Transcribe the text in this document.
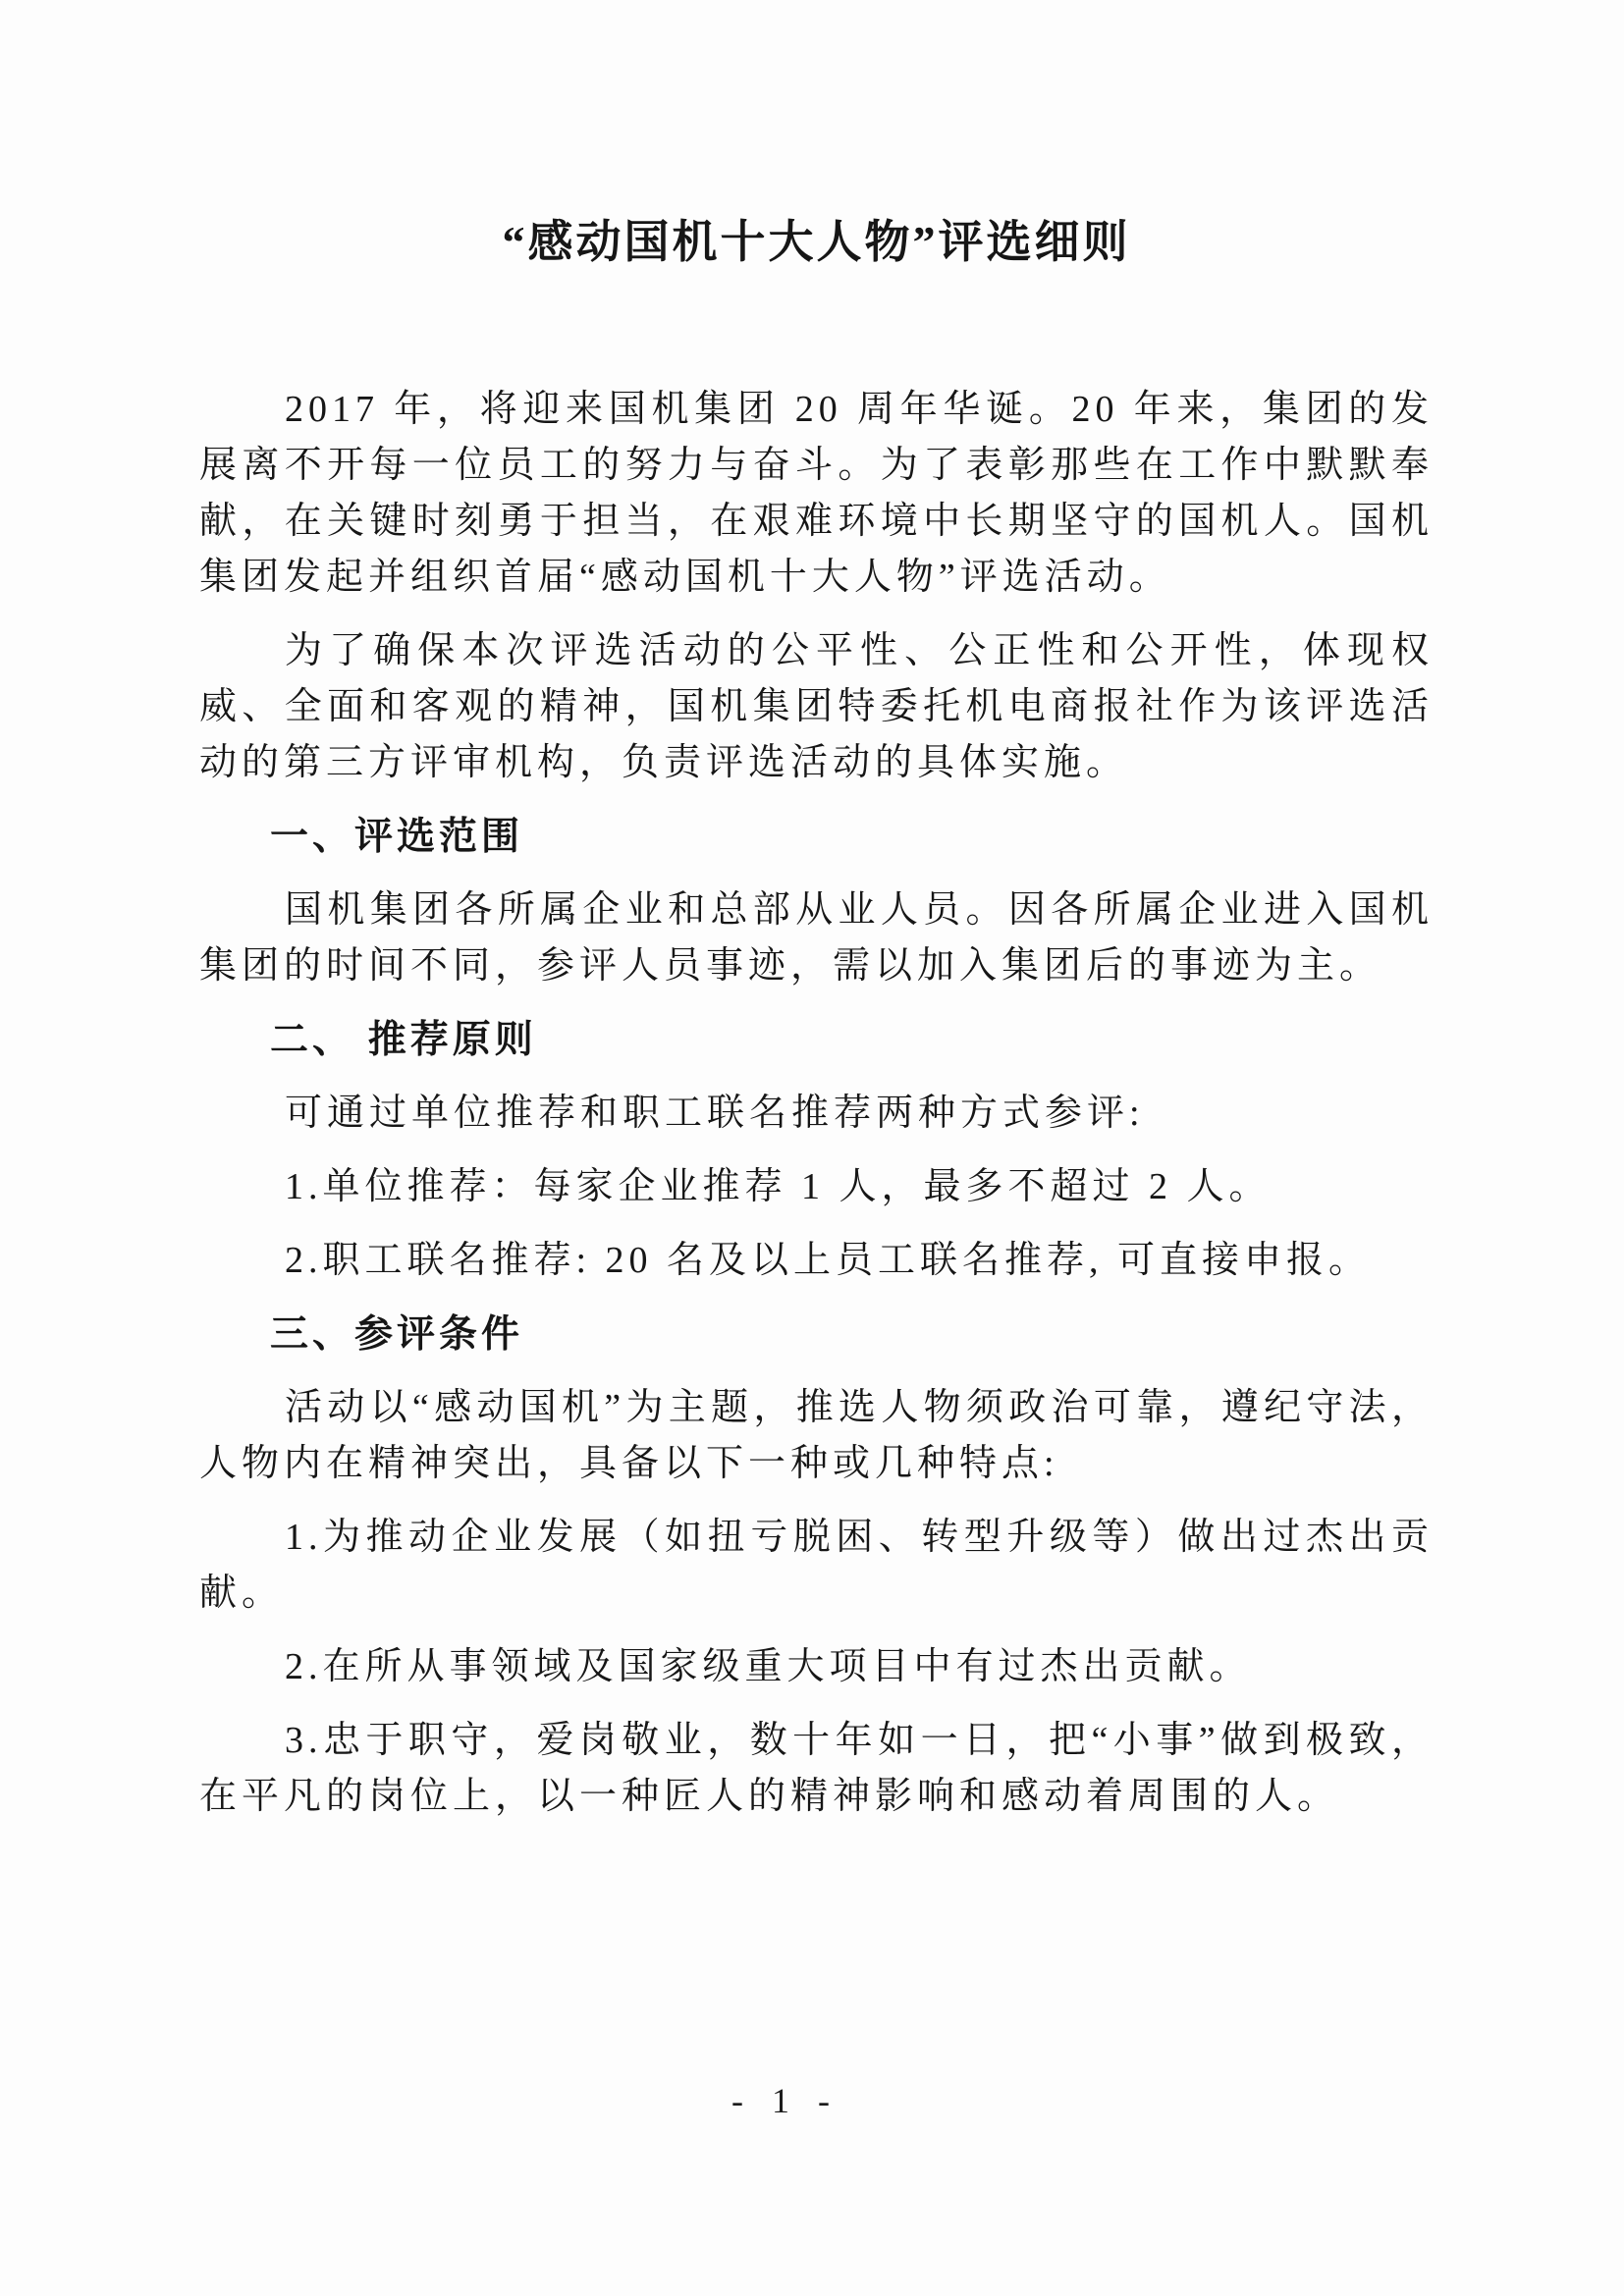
“感动国机十大人物”评选细则

2017 年，将迎来国机集团 20 周年华诞。20 年来，集团的发展离不开每一位员工的努力与奋斗。为了表彰那些在工作中默默奉献，在关键时刻勇于担当，在艰难环境中长期坚守的国机人。国机集团发起并组织首届“感动国机十大人物”评选活动。

为了确保本次评选活动的公平性、公正性和公开性，体现权威、全面和客观的精神，国机集团特委托机电商报社作为该评选活动的第三方评审机构，负责评选活动的具体实施。

一、评选范围

国机集团各所属企业和总部从业人员。因各所属企业进入国机集团的时间不同，参评人员事迹，需以加入集团后的事迹为主。

二、 推荐原则

可通过单位推荐和职工联名推荐两种方式参评:

1.单位推荐：每家企业推荐 1 人，最多不超过 2 人。

2.职工联名推荐: 20 名及以上员工联名推荐, 可直接申报。

三、参评条件

活动以“感动国机”为主题，推选人物须政治可靠，遵纪守法，人物内在精神突出，具备以下一种或几种特点:

1.为推动企业发展（如扭亏脱困、转型升级等）做出过杰出贡献。

2.在所从事领域及国家级重大项目中有过杰出贡献。

3.忠于职守，爱岗敬业，数十年如一日，把“小事”做到极致，在平凡的岗位上，以一种匠人的精神影响和感动着周围的人。

- 1 -
